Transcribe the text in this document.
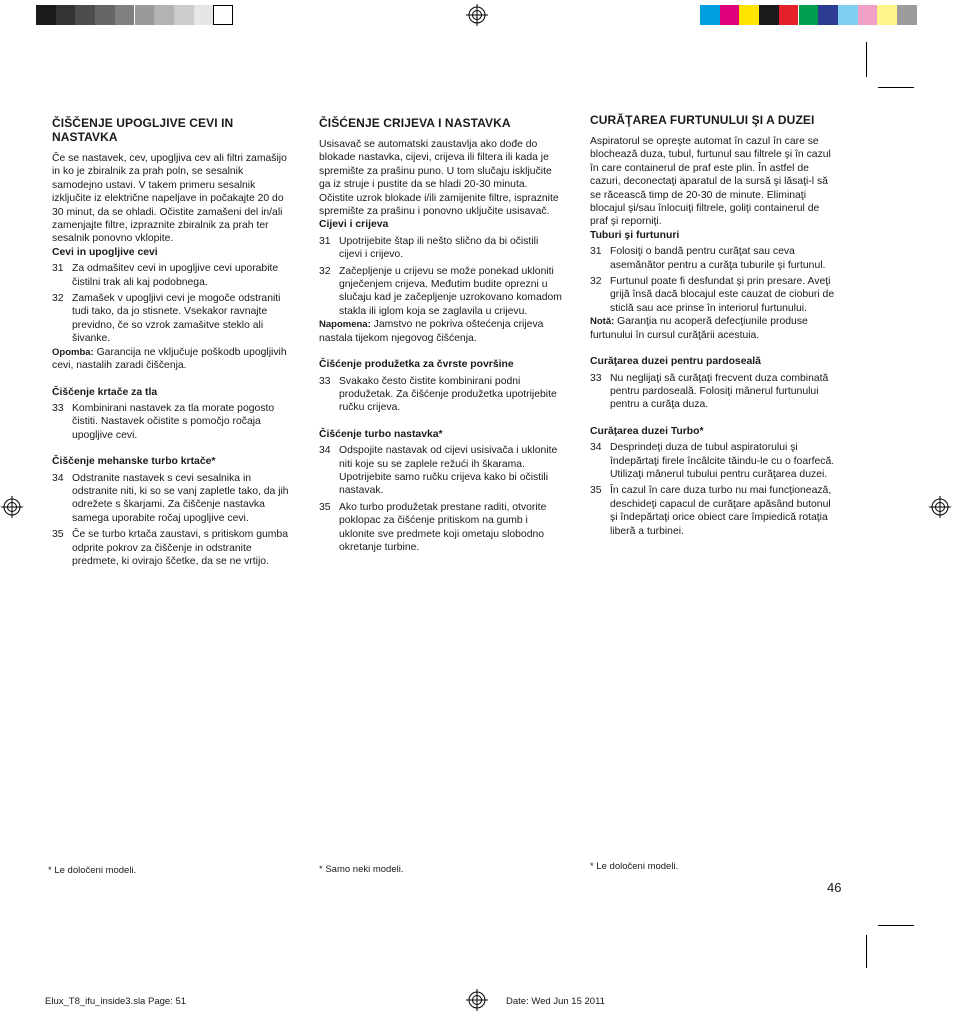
ČIŠČENJE UPOGLJIVE CEVI IN NASTAVKA

Če se nastavek, cev, upogljiva cev ali filtri zamašijo in ko je zbiralnik za prah poln, se sesalnik samodejno ustavi. V takem primeru sesalnik izključite iz električne napeljave in počakajte 20 do 30 minut, da se ohladi. Očistite zamašeni del in/ali zamenjajte filtre, izpraznite zbiralnik za prah ter sesalnik ponovno vklopite.

Cevi in upogljive cevi

31 Za odmašitev cevi in upogljive cevi uporabite čistilni trak ali kaj podobnega.
32 Zamašek v upogljivi cevi je mogoče odstraniti tudi tako, da jo stisnete. Vsekakor ravnajte previdno, če so vzrok zamašitve steklo ali šivanke.

Opomba: Garancija ne vključuje poškodb upogljivih cevi, nastalih zaradi čiščenja.

Čiščenje krtače za tla

33 Kombinirani nastavek za tla morate pogosto čistiti. Nastavek očistite s pomočjo ročaja upogljive cevi.

Čiščenje mehanske turbo krtače*

34 Odstranite nastavek s cevi sesalnika in odstranite niti, ki so se vanj zapletle tako, da jih odrežete s škarjami. Za čiščenje nastavka samega uporabite ročaj upogljive cevi.
35 Če se turbo krtača zaustavi, s pritiskom gumba odprite pokrov za čiščenje in odstranite predmete, ki ovirajo ščetke, da se ne vrtijo.
ČIŠĆENJE CRIJEVA I NASTAVKA

Usisavač se automatski zaustavlja ako dođe do blokade nastavka, cijevi, crijeva ili filtera ili kada je spremište za prašinu puno. U tom slučaju isključite ga iz struje i pustite da se hladi 20-30 minuta. Očistite uzrok blokade i/ili zamijenite filtre, ispraznite spremište za prašinu i ponovno uključite usisavač.

Cijevi i crijeva

31 Upotrijebite štap ili nešto slično da bi očistili cijevi i crijevo.
32 Začepljenje u crijevu se može ponekad ukloniti gnječenjem crijeva. Međutim budite oprezni u slučaju kad je začepljenje uzrokovano komadom stakla ili iglom koja se zaglavila u crijevu.

Napomena: Jamstvo ne pokriva oštećenja crijeva nastala tijekom njegovog čišćenja.

Čišćenje produžetka za čvrste površine

33 Svakako često čistite kombinirani podni produžetak. Za čišćenje produžetka upotrijebite ručku crijeva.

Čišćenje turbo nastavka*

34 Odspojite nastavak od cijevi usisivača i uklonite niti koje su se zaplele režući ih škarama. Upotrijebite samo ručku crijeva kako bi očistili nastavak.
35 Ako turbo produžetak prestane raditi, otvorite poklopac za čišćenje pritiskom na gumb i uklonite sve predmete koji ometaju slobodno okretanje turbine.
CURĂŢAREA FURTUNULUI ŞI A DUZEI

Aspiratorul se opreşte automat în cazul în care se blochează duza, tubul, furtunul sau filtrele şi în cazul în care containerul de praf este plin. În astfel de cazuri, deconectaţi aparatul de la sursă şi lăsaţi-l să se răcească timp de 20-30 de minute. Eliminaţi blocajul şi/sau înlocuiţi filtrele, goliţi containerul de praf şi reporniţi.

Tuburi şi furtunuri

31 Folosiţi o bandă pentru curăţat sau ceva asemănător pentru a curăţa tuburile şi furtunul.
32 Furtunul poate fi desfundat şi prin presare. Aveţi grijă însă dacă blocajul este cauzat de cioburi de sticlă sau ace prinse în interiorul furtunului.

Notă: Garanţia nu acoperă defecţiunile produse furtunului în cursul curăţării acestuia.

Curăţarea duzei pentru pardoseală

33 Nu neglijaţi să curăţaţi frecvent duza combinată pentru pardoseală. Folosiţi mânerul furtunului pentru a curăţa duza.

Curăţarea duzei Turbo*

34 Desprindeţi duza de tubul aspiratorului şi îndepărtaţi firele încâlcite tăindu-le cu o foarfecă. Utilizaţi mânerul tubului pentru curăţarea duzei.
35 În cazul în care duza turbo nu mai funcţionează, deschideţi capacul de curăţare apăsând butonul şi îndepărtaţi orice obiect care împiedică rotaţia liberă a turbinei.
* Le določeni modeli.	* Samo neki modeli.	* Le določeni modeli.
46
Elux_T8_ifu_inside3.sla Page: 51	Date: Wed Jun 15 2011
